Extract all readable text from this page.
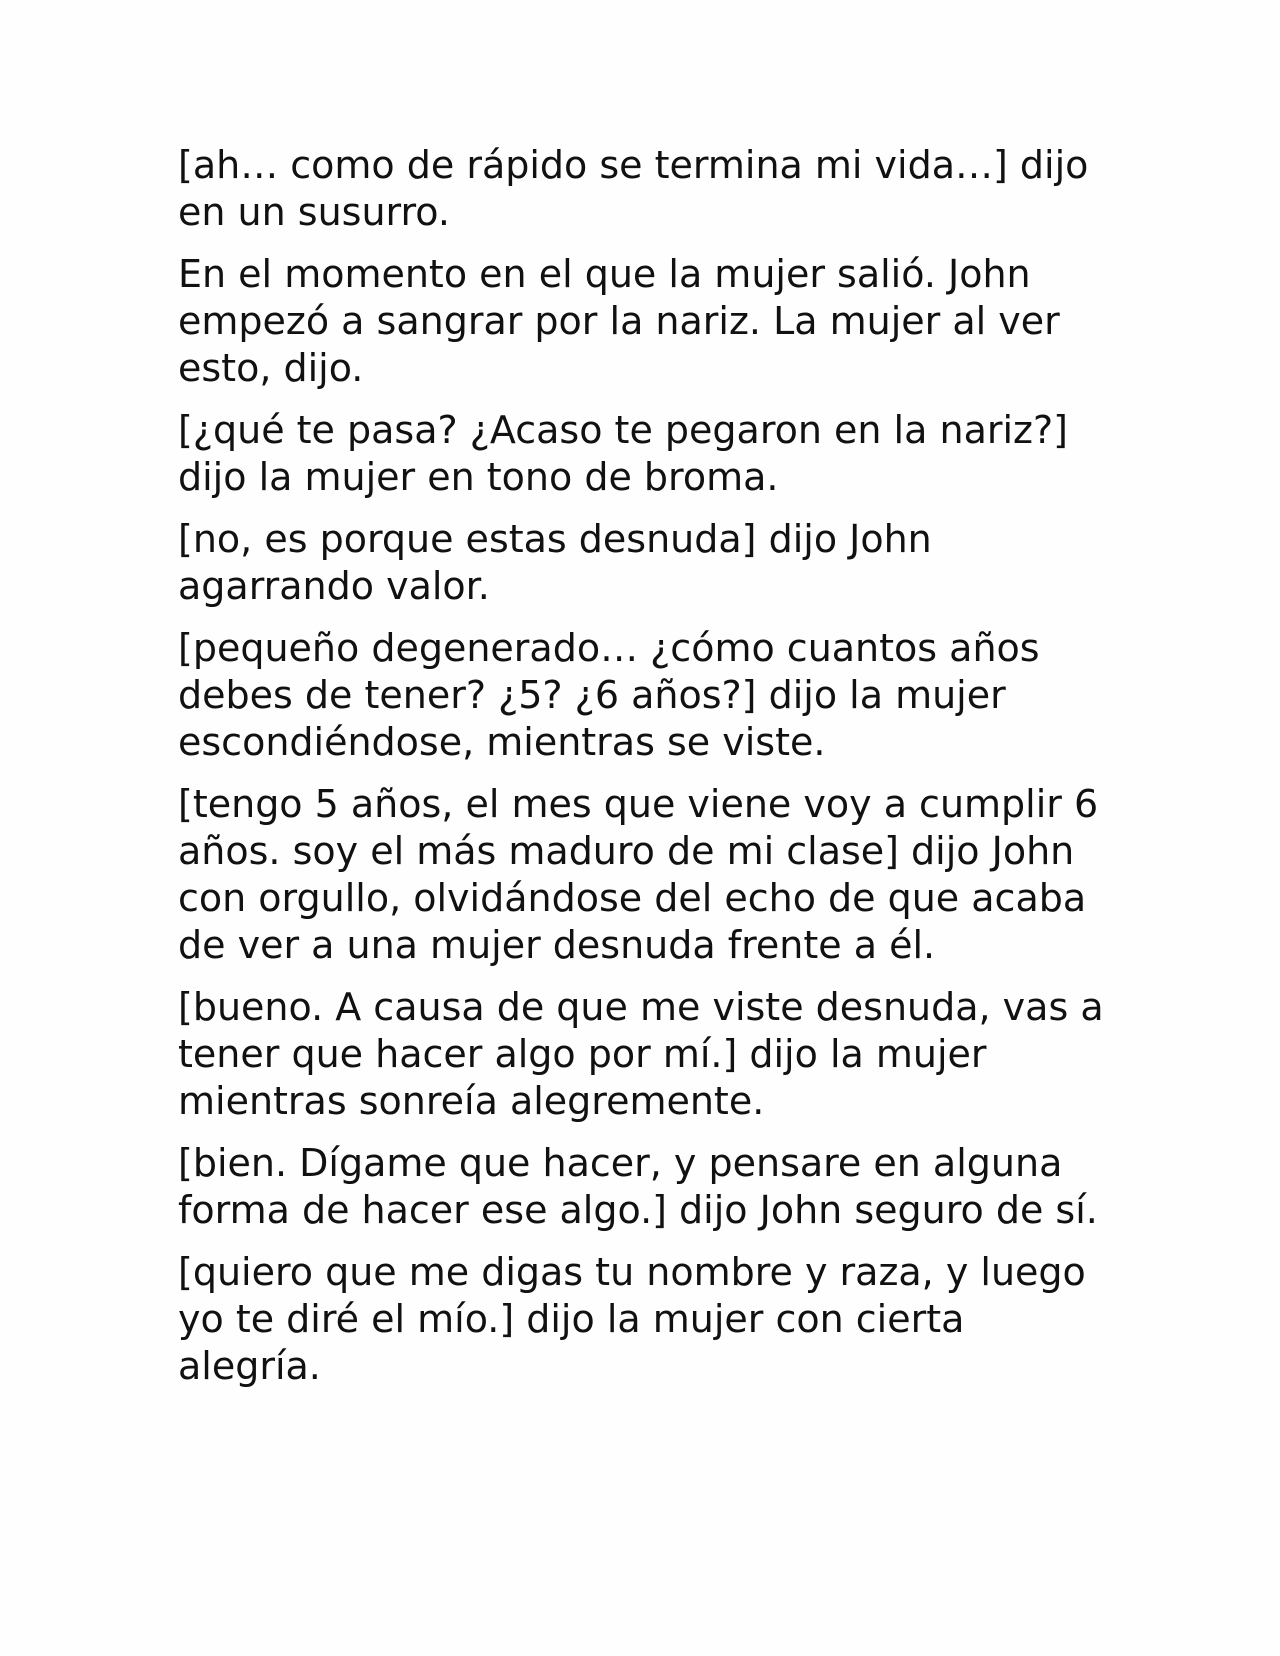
[ah… como de rápido se termina mi vida…] dijo
en un susurro.

En el momento en el que la mujer salió. John
empezó a sangrar por la nariz. La mujer al ver
esto, dijo.

[¿qué te pasa? ¿Acaso te pegaron en la nariz?]
dijo la mujer en tono de broma.

[no, es porque estas desnuda] dijo John
agarrando valor.

[pequeño degenerado… ¿cómo cuantos años
debes de tener? ¿5? ¿6 años?] dijo la mujer
escondiéndose, mientras se viste.

[tengo 5 años, el mes que viene voy a cumplir 6
años. soy el más maduro de mi clase] dijo John
con orgullo, olvidándose del echo de que acaba
de ver a una mujer desnuda frente a él.

[bueno. A causa de que me viste desnuda, vas a
tener que hacer algo por mí.] dijo la mujer
mientras sonreía alegremente.

[bien. Dígame que hacer, y pensare en alguna
forma de hacer ese algo.] dijo John seguro de sí.

[quiero que me digas tu nombre y raza, y luego
yo te diré el mío.] dijo la mujer con cierta
alegría.
